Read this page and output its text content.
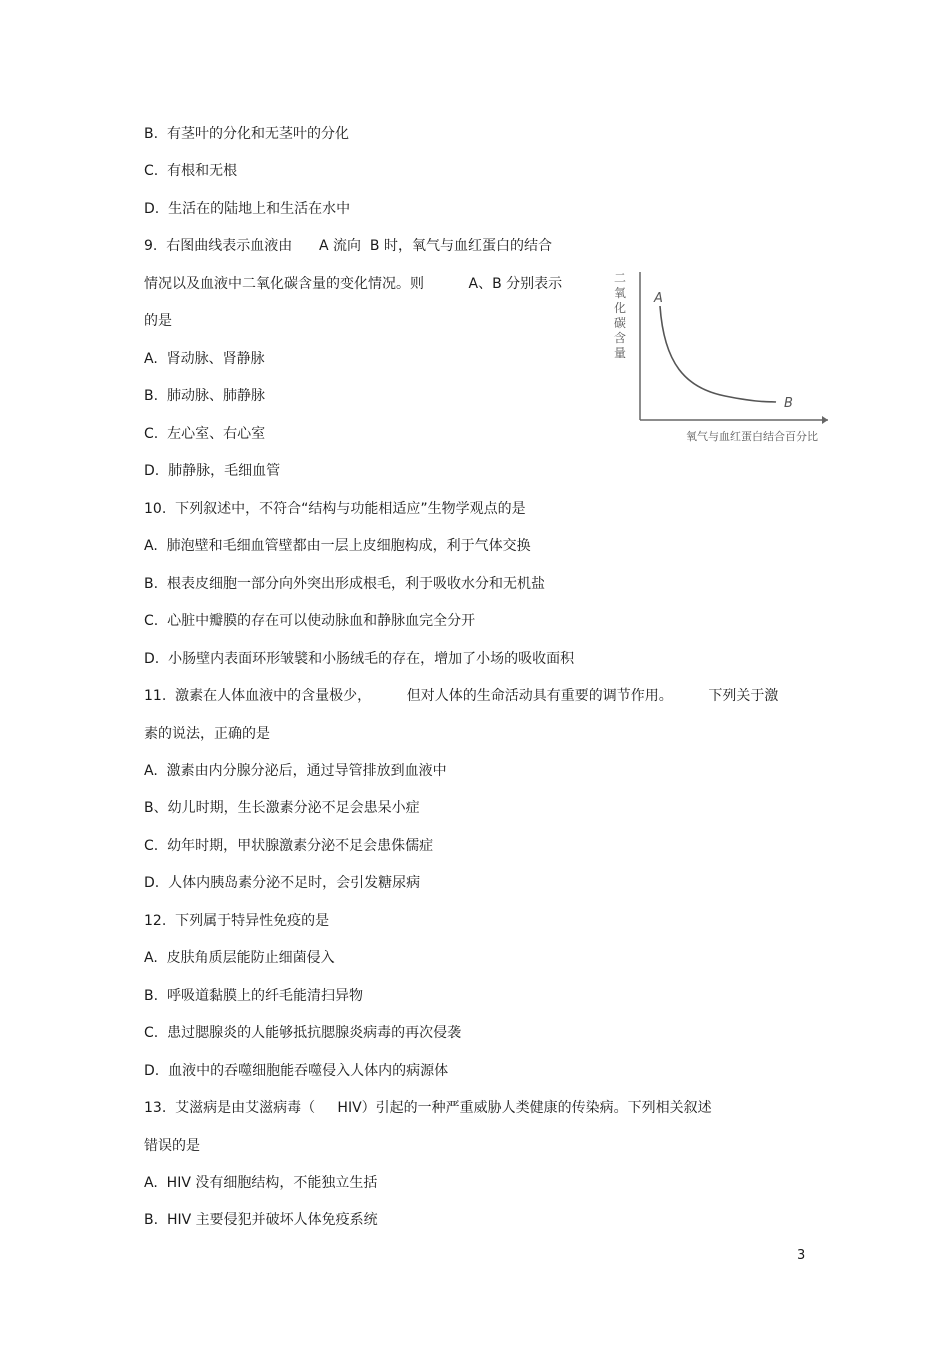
B.  有茎叶的分化和无茎叶的分化
C.  有根和无根
D.  生活在的陆地上和生活在水中
9.  右图曲线表示血液由      A 流向  B 时，氧气与血红蛋白的结合
情况以及血液中二氧化碳含量的变化情况。则          A、B 分别表示
的是
A.  肾动脉、肾静脉
B.  肺动脉、肺静脉
C.  左心室、右心室
D.  肺静脉，毛细血管
10.  下列叙述中，不符合“结构与功能相适应”生物学观点的是
A.  肺泡壁和毛细血管壁都由一层上皮细胞构成，利于气体交换
B.  根表皮细胞一部分向外突出形成根毛，利于吸收水分和无机盐
C.  心脏中瓣膜的存在可以使动脉血和静脉血完全分开
D.  小肠壁内表面环形皱襞和小肠绒毛的存在，增加了小场的吸收面积
11.  激素在人体血液中的含量极少，        但对人体的生命活动具有重要的调节作用。        下列关于激
素的说法，正确的是
A.  激素由内分腺分泌后，通过导管排放到血液中
B、幼儿时期，生长激素分泌不足会患呆小症
C.  幼年时期，甲状腺激素分泌不足会患侏儒症
D.  人体内胰岛素分泌不足时，会引发糖尿病
12.  下列属于特异性免疫的是
A.  皮肤角质层能防止细菌侵入
B.  呼吸道黏膜上的纤毛能清扫异物
C.  患过腮腺炎的人能够抵抗腮腺炎病毒的再次侵袭
D.  血液中的吞噬细胞能吞噬侵入人体内的病源体
13.  艾滋病是由艾滋病毒（     HIV）引起的一种严重威胁人类健康的传染病。下列相关叙述
错误的是
A.  HIV 没有细胞结构，不能独立生括
B.  HIV 主要侵犯并破坏人体免疫系统
二氧化碳含量
A
B
氧气与血红蛋白结合百分比
3
